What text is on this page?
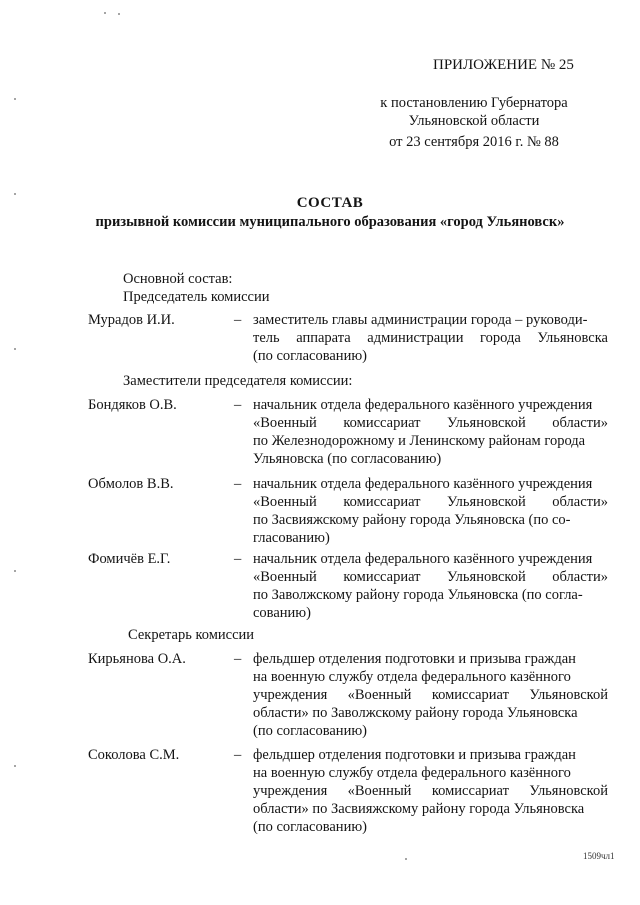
ПРИЛОЖЕНИЕ № 25
к постановлению Губернатора
Ульяновской области
от 23 сентября 2016 г. № 88
СОСТАВ
призывной комиссии муниципального образования «город Ульяновск»
Основной состав:
Председатель комиссии
Мурадов И.И.	– заместитель главы администрации города – руководи-
тель аппарата администрации города Ульяновска
(по согласованию)
Заместители председателя комиссии:
Бондяков О.В.	– начальник отдела федерального казённого учреждения
«Военный комиссариат Ульяновской области»
по Железнодорожному и Ленинскому районам города
Ульяновска (по согласованию)
Обмолов В.В.	– начальник отдела федерального казённого учреждения
«Военный комиссариат Ульяновской области»
по Засвияжскому району города Ульяновска (по со-
гласованию)
Фомичёв Е.Г.	– начальник отдела федерального казённого учреждения
«Военный комиссариат Ульяновской области»
по Заволжскому району города Ульяновска (по согла-
сованию)
Секретарь комиссии
Кирьянова О.А.	– фельдшер отделения подготовки и призыва граждан
на военную службу отдела федерального казённого
учреждения «Военный комиссариат Ульяновской
области» по Заволжскому району города Ульяновска
(по согласованию)
Соколова С.М.	– фельдшер отделения подготовки и призыва граждан
на военную службу отдела федерального казённого
учреждения «Военный комиссариат Ульяновской
области» по Засвияжскому району города Ульяновска
(по согласованию)
1509чл1
